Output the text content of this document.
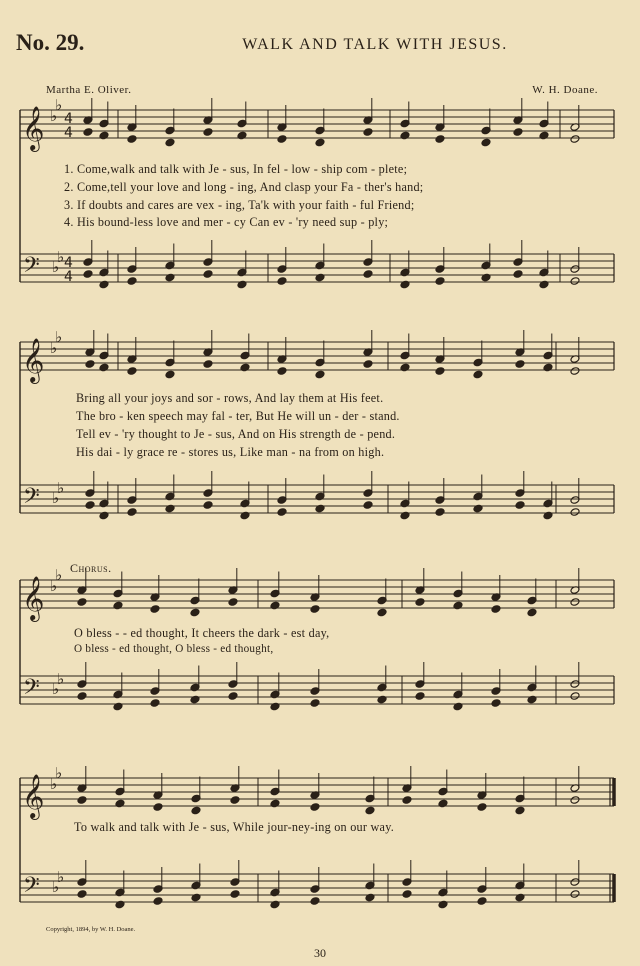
No. 29.	WALK AND TALK WITH JESUS.
Martha E. Oliver.	W. H. Doane.
𝄞
𝄢
♭
♭
♭
♭
4
4
4
4
𝄞
𝄢
♭
♭
♭
♭
𝄞
𝄢
♭
♭
♭
♭
𝄞
𝄢
♭
♭
♭
♭
1. Come,walk and talk with Je - sus, In fel - low - ship com - plete;
2. Come,tell your love and long - ing, And clasp your Fa - ther's hand;
3. If doubts and cares are vex - ing, Ta'k with your faith - ful Friend;
4. His bound-less love and mer - cy Can ev - 'ry need sup - ply;
Bring all your joys and sor - rows, And lay them at His feet.
The bro - ken speech may fal - ter, But He will un - der - stand.
Tell ev - 'ry thought to Je - sus, And on His strength de - pend.
His dai - ly grace re - stores us, Like man - na from on high.
Chorus.
O bless - - ed thought, It cheers the dark - est day,
O bless - ed thought, O bless - ed thought,
To walk and talk with Je - sus, While jour-ney-ing on our way.
Copyright, 1894, by W. H. Doane.
30
